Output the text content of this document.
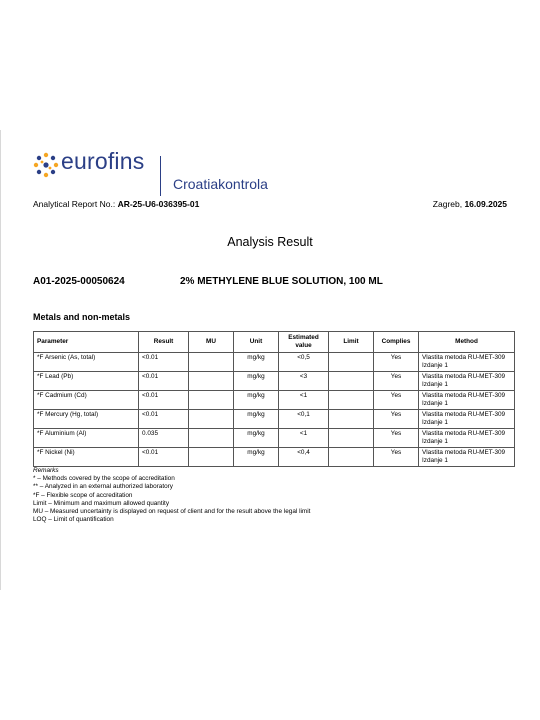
eurofins
Croatiakontrola
Analytical Report No.: AR-25-U6-036395-01	Zagreb, 16.09.2025
Analysis Result
A01-2025-00050624	2% METHYLENE BLUE SOLUTION, 100 ML
Metals and non-metals
Parameter	Result	MU	Unit	Estimated value	Limit	Complies	Method
*F Arsenic (As, total)	<0.01		mg/kg	<0,5		Yes	Vlastita metoda RU-MET-309 Izdanje 1
*F Lead (Pb)	<0.01		mg/kg	<3		Yes	Vlastita metoda RU-MET-309 Izdanje 1
*F Cadmium (Cd)	<0.01		mg/kg	<1		Yes	Vlastita metoda RU-MET-309 Izdanje 1
*F Mercury (Hg, total)	<0.01		mg/kg	<0,1		Yes	Vlastita metoda RU-MET-309 Izdanje 1
*F Aluminium (Al)	0.035		mg/kg	<1		Yes	Vlastita metoda RU-MET-309 Izdanje 1
*F Nickel (Ni)	<0.01		mg/kg	<0,4		Yes	Vlastita metoda RU-MET-309 Izdanje 1
Remarks
* – Methods covered by the scope of accreditation
** – Analyzed in an external authorized laboratory
*F – Flexible scope of accreditation
Limit – Minimum and maximum allowed quantity
MU – Measured uncertainty is displayed on request of client and for the result above the legal limit
LOQ – Limit of quantification
